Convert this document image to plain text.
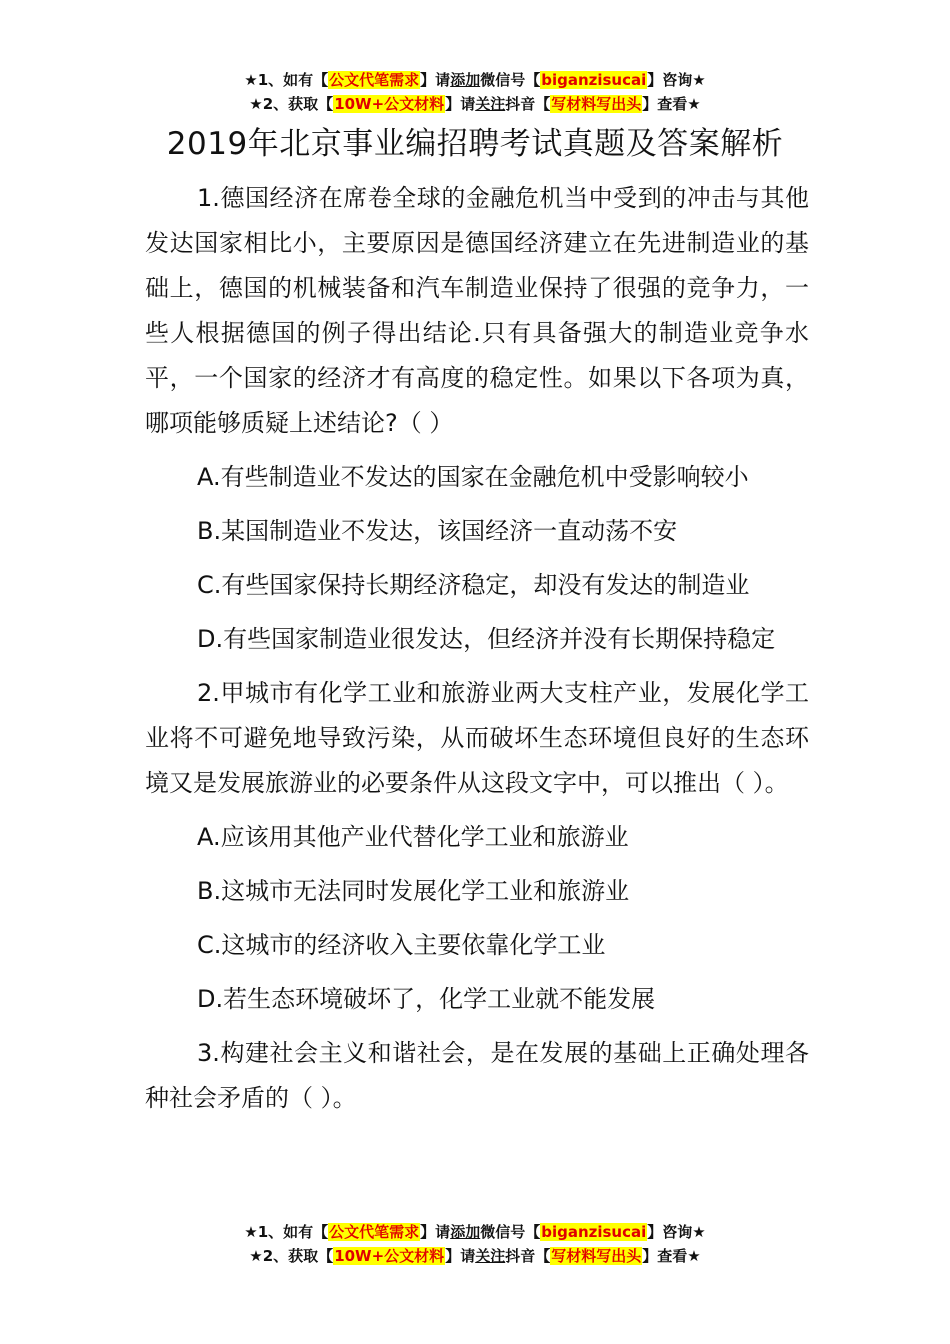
★1、如有【公文代笔需求】请添加微信号【biganzisucai】咨询★
★2、获取【10W+公文材料】请关注抖音【写材料写出头】查看★
2019年北京事业编招聘考试真题及答案解析

1.德国经济在席卷全球的金融危机当中受到的冲击与其他发达国家相比小，主要原因是德国经济建立在先进制造业的基础上，德国的机械装备和汽车制造业保持了很强的竞争力，一些人根据德国的例子得出结论.只有具备强大的制造业竞争水平，一个国家的经济才有高度的稳定性。如果以下各项为真，哪项能够质疑上述结论?（ ）

A.有些制造业不发达的国家在金融危机中受影响较小

B.某国制造业不发达，该国经济一直动荡不安

C.有些国家保持长期经济稳定，却没有发达的制造业

D.有些国家制造业很发达，但经济并没有长期保持稳定

2.甲城市有化学工业和旅游业两大支柱产业，发展化学工业将不可避免地导致污染，从而破坏生态环境但良好的生态环境又是发展旅游业的必要条件从这段文字中，可以推出（ ）。

A.应该用其他产业代替化学工业和旅游业

B.这城市无法同时发展化学工业和旅游业

C.这城市的经济收入主要依靠化学工业

D.若生态环境破坏了，化学工业就不能发展

3.构建社会主义和谐社会，是在发展的基础上正确处理各种社会矛盾的（ ）。

★1、如有【公文代笔需求】请添加微信号【biganzisucai】咨询★
★2、获取【10W+公文材料】请关注抖音【写材料写出头】查看★
